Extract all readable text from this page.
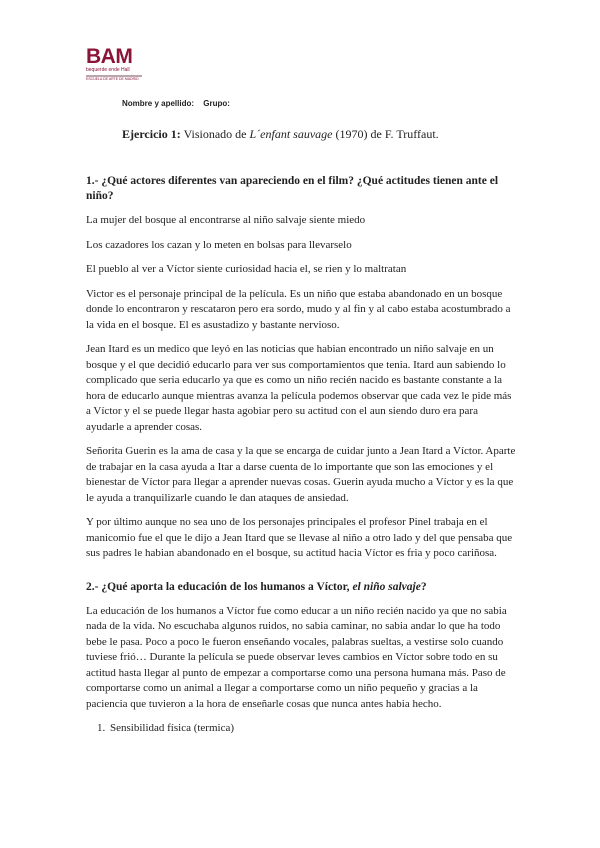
BAM
bequerde ende Hall
ESCUELA DE ARTE DE MADRID
Nombre y apellido: Grupo:
Ejercicio 1: Visionado de L´enfant sauvage (1970) de F. Truffaut.
1.- ¿Qué actores diferentes van apareciendo en el film? ¿Qué actitudes tienen ante el niño?

La mujer del bosque al encontrarse al niño salvaje siente miedo

Los cazadores los cazan y lo meten en bolsas para llevarselo

El pueblo al ver a Víctor siente curiosidad hacia el, se rien y lo maltratan

Victor es el personaje principal de la película. Es un niño que estaba abandonado en un bosque donde lo encontraron y rescataron pero era sordo, mudo y al fin y al cabo estaba acostumbrado a la vida en el bosque. El es asustadizo y bastante nervioso.

Jean Itard es un medico que leyó en las noticias que habian encontrado un niño salvaje en un bosque y el que decidió educarlo para ver sus comportamientos que tenia. Itard aun sabiendo lo complicado que seria educarlo ya que es como un niño recién nacido es bastante constante a la hora de educarlo aunque mientras avanza la película podemos observar que cada vez le pide más a Víctor y el se puede llegar hasta agobiar pero su actitud con el aun siendo duro era para ayudarle a aprender cosas.

Señorita Guerin es la ama de casa y la que se encarga de cuidar junto a Jean Itard a Víctor. Aparte de trabajar en la casa ayuda a Itar a darse cuenta de lo importante que son las emociones y el bienestar de Víctor para llegar a aprender nuevas cosas. Guerin ayuda mucho a Víctor y es la que le ayuda a tranquilizarle cuando le dan ataques de ansiedad.

Y por último aunque no sea uno de los personajes principales el profesor Pinel trabaja en el manicomio fue el que le dijo a Jean Itard que se llevase al niño a otro lado y del que pensaba que sus padres le habian abandonado en el bosque, su actitud hacia Víctor es fria y poco cariñosa.

2.- ¿Qué aporta la educación de los humanos a Víctor, el niño salvaje?

La educación de los humanos a Víctor fue como educar a un niño recién nacido ya que no sabia nada de la vida. No escuchaba algunos ruidos, no sabia caminar, no sabia andar lo que ha todo bebe le pasa. Poco a poco le fueron enseñando vocales, palabras sueltas, a vestirse solo cuando tuviese frió… Durante la película se puede observar leves cambios en Víctor sobre todo en su actitud hasta llegar al punto de empezar a comportarse como una persona humana más. Paso de comportarse como un animal a llegar a comportarse como un niño pequeño y gracias a la paciencia que tuvieron a la hora de enseñarle cosas que nunca antes habia hecho.

1. Sensibilidad física (termica)
